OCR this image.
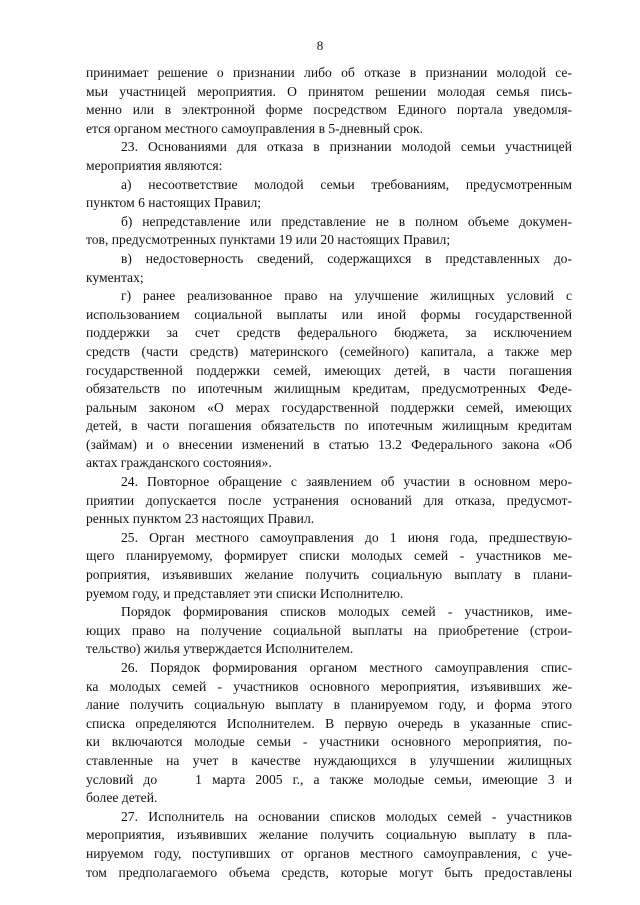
8
принимает решение о признании либо об отказе в признании молодой се-
мьи участницей мероприятия. О принятом решении молодая семья пись-
менно или в электронной форме посредством Единого портала уведомля-
ется органом местного самоуправления в 5-дневный срок.
23. Основаниями для отказа в признании молодой семьи участницей
мероприятия являются:
а) несоответствие молодой семьи требованиям, предусмотренным
пунктом 6 настоящих Правил;
б) непредставление или представление не в полном объеме докумен-
тов, предусмотренных пунктами 19 или 20 настоящих Правил;
в) недостоверность сведений, содержащихся в представленных до-
кументах;
г) ранее реализованное право на улучшение жилищных условий с
использованием социальной выплаты или иной формы государственной
поддержки за счет средств федерального бюджета, за исключением
средств (части средств) материнского (семейного) капитала, а также мер
государственной поддержки семей, имеющих детей, в части погашения
обязательств по ипотечным жилищным кредитам, предусмотренных Феде-
ральным законом «О мерах государственной поддержки семей, имеющих
детей, в части погашения обязательств по ипотечным жилищным кредитам
(займам) и о внесении изменений в статью 13.2 Федерального закона «Об
актах гражданского состояния».
24. Повторное обращение с заявлением об участии в основном меро-
приятии допускается после устранения оснований для отказа, предусмот-
ренных пунктом 23 настоящих Правил.
25. Орган местного самоуправления до 1 июня года, предшествую-
щего планируемому, формирует списки молодых семей - участников ме-
роприятия, изъявивших желание получить социальную выплату в плани-
руемом году, и представляет эти списки Исполнителю.
Порядок формирования списков молодых семей - участников, име-
ющих право на получение социальной выплаты на приобретение (строи-
тельство) жилья утверждается Исполнителем.
26. Порядок формирования органом местного самоуправления спис-
ка молодых семей - участников основного мероприятия, изъявивших же-
лание получить социальную выплату в планируемом году, и форма этого
списка определяются Исполнителем. В первую очередь в указанные спис-
ки включаются молодые семьи - участники основного мероприятия, по-
ставленные на учет в качестве нуждающихся в улучшении жилищных
условий до	1 марта 2005 г., а также молодые семьи, имеющие 3 и
более детей.
27. Исполнитель на основании списков молодых семей - участников
мероприятия, изъявивших желание получить социальную выплату в пла-
нируемом году, поступивших от органов местного самоуправления, с уче-
том предполагаемого объема средств, которые могут быть предоставлены
